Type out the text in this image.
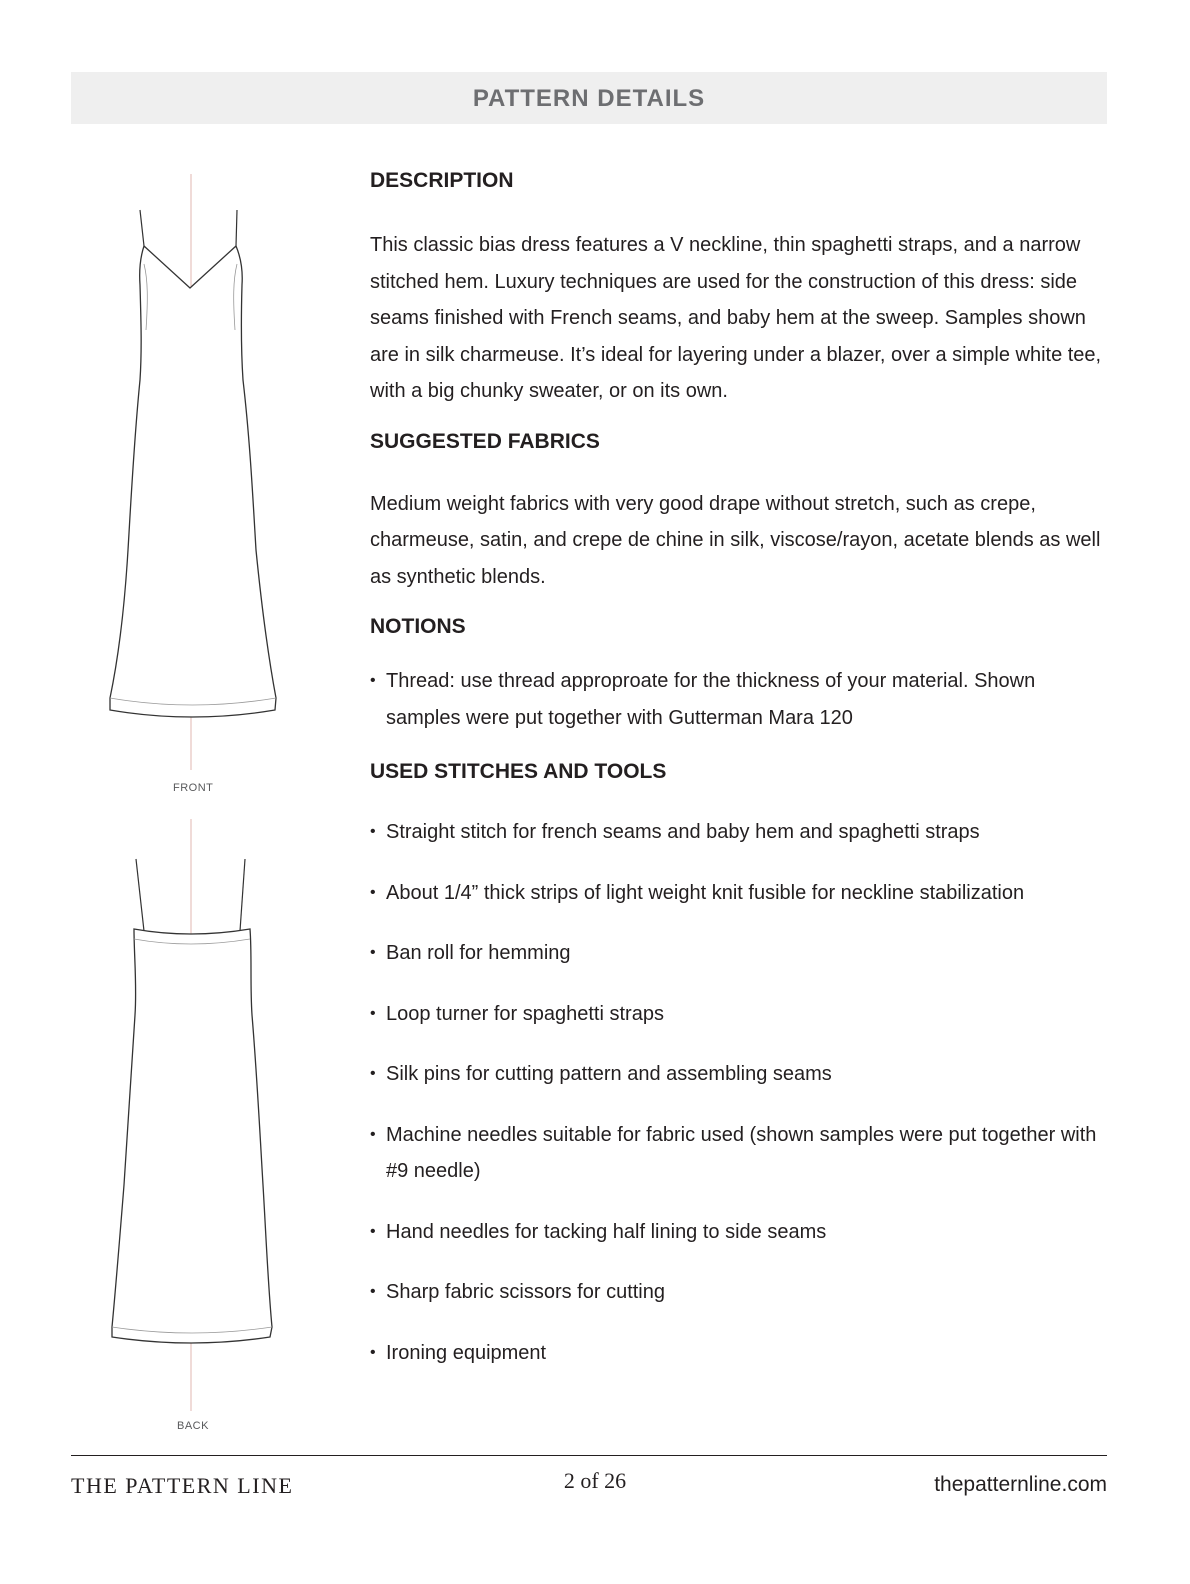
PATTERN DETAILS
FRONT
BACK
DESCRIPTION

This classic bias dress features a V neckline, thin spaghetti straps, and a narrow stitched hem. Luxury techniques are used for the construction of this dress: side seams finished with French seams, and baby hem at the sweep. Samples shown are in silk charmeuse. It’s ideal for layering under a blazer, over a simple white tee, with a big chunky sweater, or on its own.

SUGGESTED FABRICS

Medium weight fabrics with very good drape without stretch, such as crepe, charmeuse, satin, and crepe de chine in silk, viscose/rayon, acetate blends as well as synthetic blends.

NOTIONS
• Thread: use thread approproate for the thickness of your material. Shown samples were put together with Gutterman Mara 120
USED STITCHES AND TOOLS
• Straight stitch for french seams and baby hem and spaghetti straps
• About 1/4” thick strips of light weight knit fusible for neckline stabilization
• Ban roll for hemming
• Loop turner for spaghetti straps
• Silk pins for cutting pattern and assembling seams
• Machine needles suitable for fabric used (shown samples were put together with #9 needle)
• Hand needles for tacking half lining to side seams
• Sharp fabric scissors for cutting
• Ironing equipment
THE PATTERN LINE	2 of 26	thepatternline.com
